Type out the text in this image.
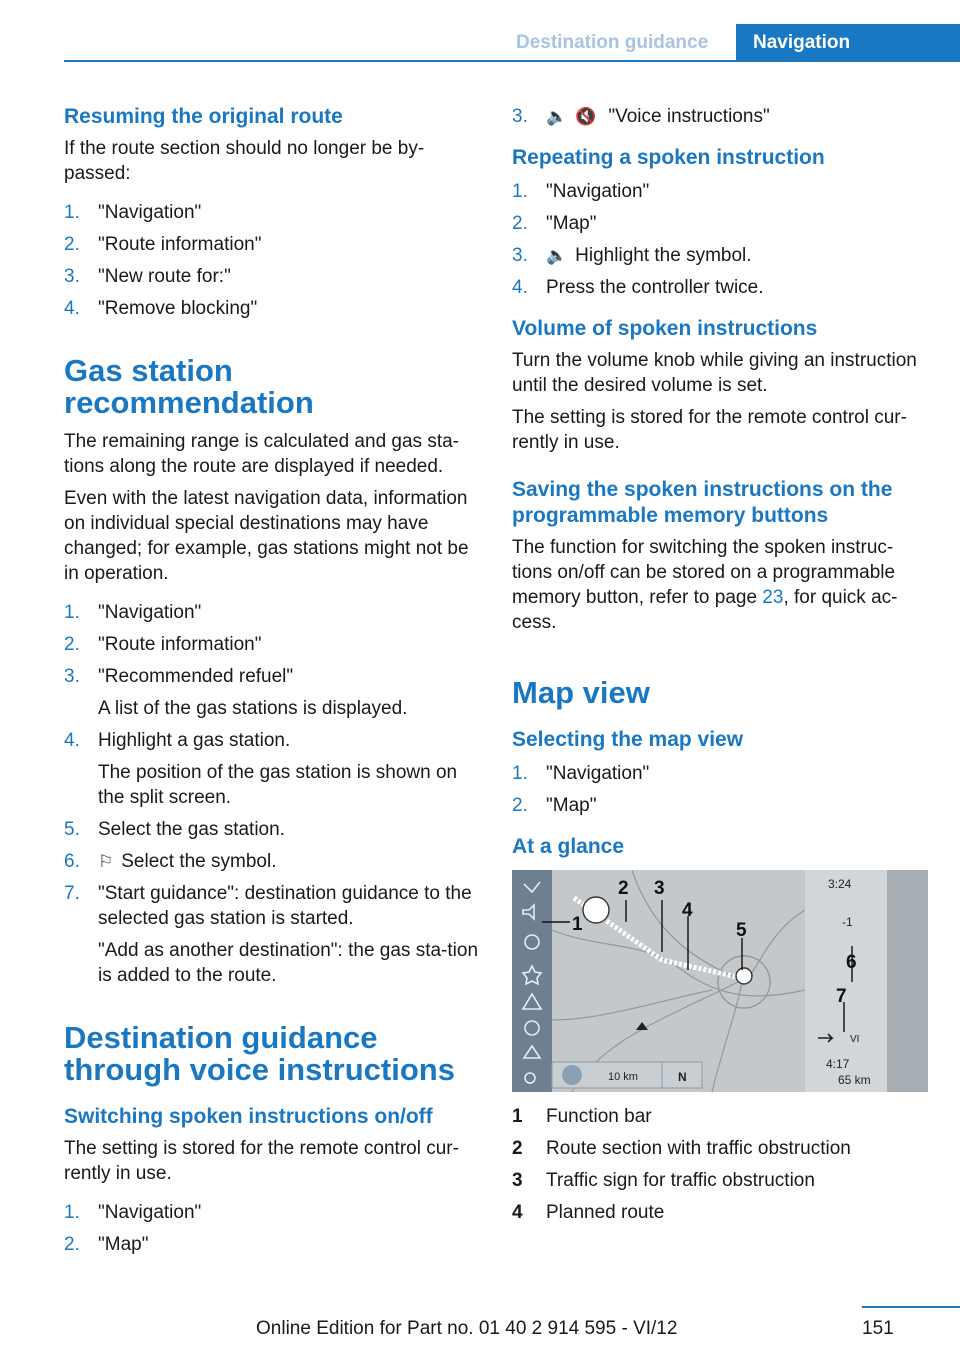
Destination guidance	Navigation
Resuming the original route
If the route section should no longer be by-passed:
1. "Navigation"
2. "Route information"
3. "New route for:"
4. "Remove blocking"
Gas station recommendation
The remaining range is calculated and gas sta-tions along the route are displayed if needed.
Even with the latest navigation data, information on individual special destinations may have changed; for example, gas stations might not be in operation.
1. "Navigation"
2. "Route information"
3. "Recommended refuel"
A list of the gas stations is displayed.
4. Highlight a gas station.
The position of the gas station is shown on the split screen.
5. Select the gas station.
6.	⚐ Select the symbol.
7. "Start guidance": destination guidance to the selected gas station is started.
"Add as another destination": the gas sta-tion is added to the route.
Destination guidance
through voice instructions
Switching spoken instructions on/off
The setting is stored for the remote control cur-rently in use.
1. "Navigation"
2. "Map"
3.	🔈 🔇 "Voice instructions"
Repeating a spoken instruction
1. "Navigation"
2. "Map"
3.	🔈 Highlight the symbol.
4. Press the controller twice.
Volume of spoken instructions
Turn the volume knob while giving an instruction until the desired volume is set.
The setting is stored for the remote control cur-rently in use.
Saving the spoken instructions on the programmable memory buttons
The function for switching the spoken instruc-tions on/off can be stored on a programmable memory button, refer to page 23, for quick ac-cess.
Map view
Selecting the map view
1. "Navigation"
2. "Map"
At a glance
10 km	N
3:24
-1
VI
4:17
65 km
1
2 3
4
5
6
7
1	Function bar
2	Route section with traffic obstruction
3	Traffic sign for traffic obstruction
4	Planned route
151
Online Edition for Part no. 01 40 2 914 595 - VI/12
